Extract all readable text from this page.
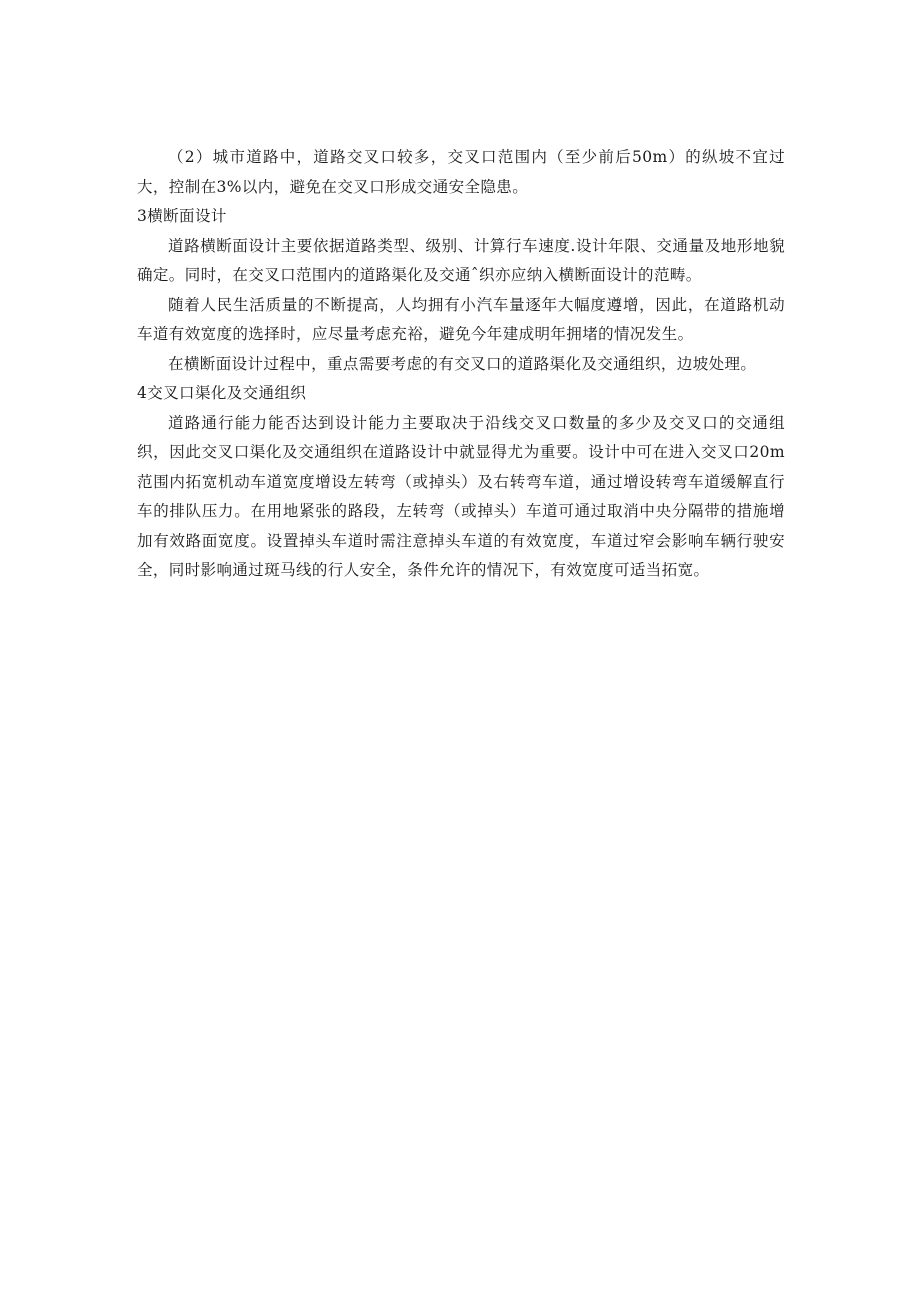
（2）城市道路中，道路交叉口较多，交叉口范围内（至少前后50m）的纵坡不宜过大，控制在3%以内，避免在交叉口形成交通安全隐患。

3横断面设计

道路横断面设计主要依据道路类型、级别、计算行车速度.设计年限、交通量及地形地貌确定。同时，在交叉口范围内的道路渠化及交通ˆ织亦应纳入横断面设计的范畴。

随着人民生活质量的不断提高，人均拥有小汽车量逐年大幅度遵增，因此，在道路机动车道有效宽度的选择时，应尽量考虑充裕，避免今年建成明年拥堵的情况发生。

在横断面设计过程中，重点需要考虑的有交叉口的道路渠化及交通组织，边坡处理。

4交叉口渠化及交通组织

道路通行能力能否达到设计能力主要取决于沿线交叉口数量的多少及交叉口的交通组织，因此交叉口渠化及交通组织在道路设计中就显得尤为重要。设计中可在进入交叉口20m范围内拓宽机动车道宽度增设左转弯（或掉头）及右转弯车道，通过增设转弯车道缓解直行车的排队压力。在用地紧张的路段，左转弯（或掉头）车道可通过取消中央分隔带的措施增加有效路面宽度。设置掉头车道时需注意掉头车道的有效宽度，车道过窄会影响车辆行驶安全，同时影响通过斑马线的行人安全，条件允许的情况下，有效宽度可适当拓宽。
